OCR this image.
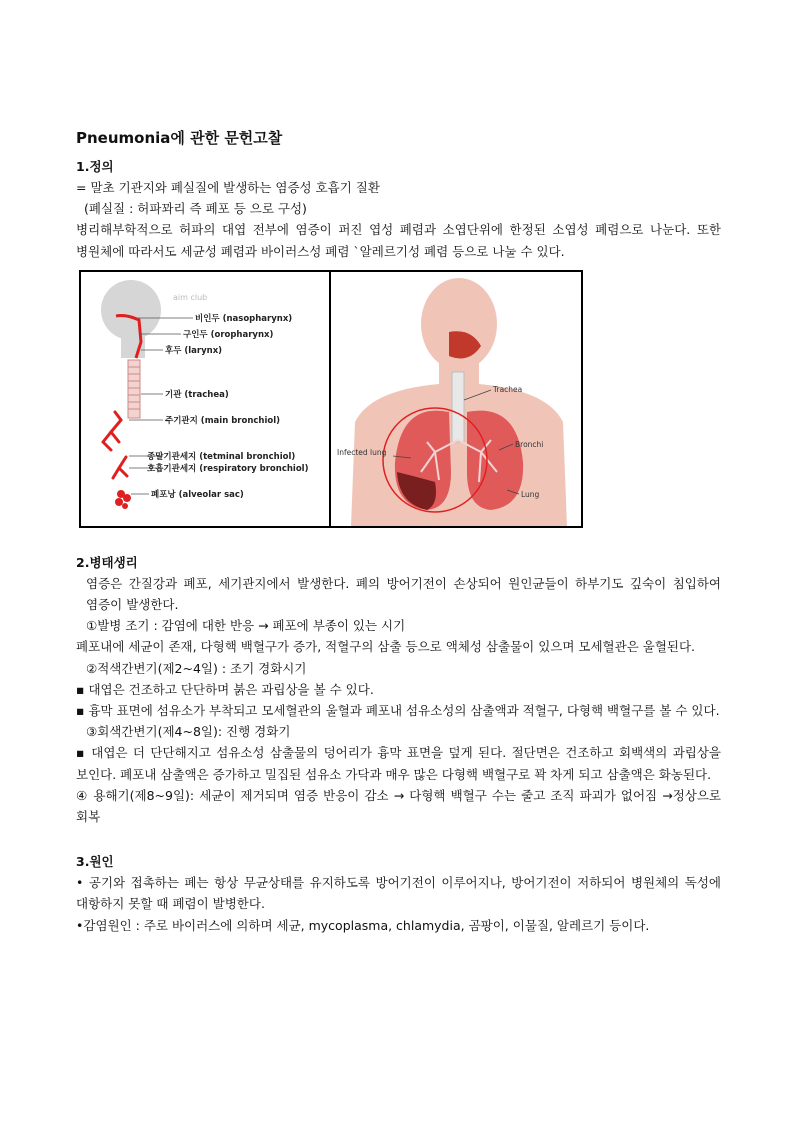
Pneumonia에 관한 문헌고찰

1.정의

= 말초 기관지와 폐실질에 발생하는 염증성 호흡기 질환

(폐실질 : 허파꽈리 즉 폐포 등 으로 구성)

병리해부학적으로 허파의 대엽 전부에 염증이 퍼진 엽성 폐렴과 소엽단위에 한정된 소엽성 폐렴으로 나눈다. 또한 병원체에 따라서도 세균성 폐렴과 바이러스성 폐렴 `알레르기성 폐렴 등으로 나눌 수 있다.

aim club
비인두 (nasopharynx)
구인두 (oropharynx)
후두 (larynx)
기관 (trachea)
주기관지 (main bronchiol)
종말기관세지 (tetminal bronchiol)
호흡기관세지 (respiratory bronchiol)
폐포낭 (alveolar sac)
Trachea
Bronchi
Infected lung
Lung

2.병태생리

염증은 간질강과 폐포, 세기관지에서 발생한다. 폐의 방어기전이 손상되어 원인균들이 하부기도 깊숙이 침입하여 염증이 발생한다.

①발병 조기 : 감염에 대한 반응 → 폐포에 부종이 있는 시기

폐포내에 세균이 존재, 다형핵 백혈구가 증가, 적혈구의 삼출 등으로 액체성 삼출물이 있으며 모세혈관은 울혈된다.

②적색간변기(제2~4일) : 조기 경화시기

▪ 대엽은 건조하고 단단하며 붉은 과립상을 볼 수 있다.

▪ 흉막 표면에 섬유소가 부착되고 모세혈관의 울혈과 폐포내 섬유소성의 삼출액과 적혈구, 다형핵 백혈구를 볼 수 있다.

③회색간변기(제4~8일): 진행 경화기

▪ 대엽은 더 단단해지고 섬유소성 삼출물의 덩어리가 흉막 표면을 덮게 된다. 절단면은 건조하고 회백색의 과립상을 보인다. 폐포내 삼출액은 증가하고 밀집된 섬유소 가닥과 매우 많은 다형핵 백혈구로 꽉 차게 되고 삼출액은 화농된다.

④ 용해기(제8~9일): 세균이 제거되며 염증 반응이 감소 → 다형핵 백혈구 수는 줄고 조직 파괴가 없어짐 →정상으로 회복

3.원인

• 공기와 접촉하는 폐는 항상 무균상태를 유지하도록 방어기전이 이루어지나, 방어기전이 저하되어 병원체의 독성에 대항하지 못할 때 폐렴이 발병한다.

•감염원인 : 주로 바이러스에 의하며 세균, mycoplasma, chlamydia, 곰팡이, 이물질, 알레르기 등이다.
